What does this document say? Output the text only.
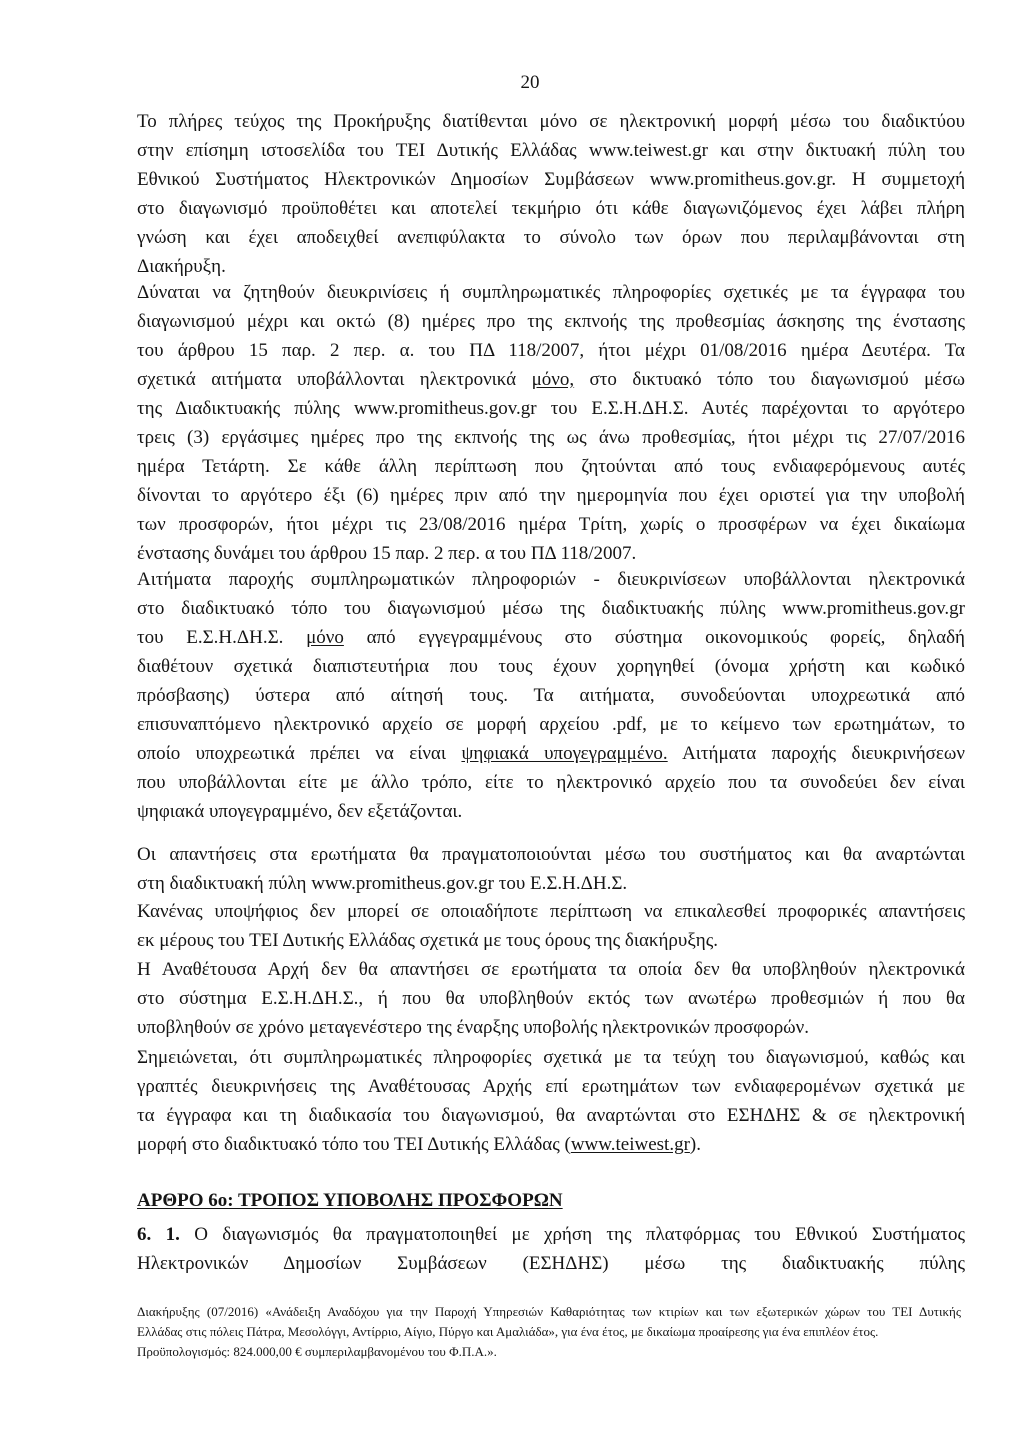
20
Το πλήρες τεύχος της Προκήρυξης διατίθενται μόνο σε ηλεκτρονική μορφή μέσω του διαδικτύου
στην επίσημη ιστοσελίδα του ΤΕΙ Δυτικής Ελλάδας www.teiwest.gr και στην δικτυακή πύλη του
Εθνικού Συστήματος Ηλεκτρονικών Δημοσίων Συμβάσεων www.promitheus.gov.gr. Η συμμετοχή
στο διαγωνισμό προϋποθέτει και αποτελεί τεκμήριο ότι κάθε διαγωνιζόμενος έχει λάβει πλήρη
γνώση και έχει αποδειχθεί ανεπιφύλακτα το σύνολο των όρων που περιλαμβάνονται στη
Διακήρυξη.
Δύναται να ζητηθούν διευκρινίσεις ή συμπληρωματικές πληροφορίες σχετικές με τα έγγραφα του
διαγωνισμού μέχρι και οκτώ (8) ημέρες προ της εκπνοής της προθεσμίας άσκησης της ένστασης
του άρθρου 15 παρ. 2 περ. α. του ΠΔ 118/2007, ήτοι μέχρι 01/08/2016 ημέρα Δευτέρα. Τα
σχετικά αιτήματα υποβάλλονται ηλεκτρονικά μόνο, στο δικτυακό τόπο του διαγωνισμού μέσω
της Διαδικτυακής πύλης www.promitheus.gov.gr του Ε.Σ.Η.ΔΗ.Σ. Αυτές παρέχονται το αργότερο
τρεις (3) εργάσιμες ημέρες προ της εκπνοής της ως άνω προθεσμίας, ήτοι μέχρι τις 27/07/2016
ημέρα Τετάρτη. Σε κάθε άλλη περίπτωση που ζητούνται από τους ενδιαφερόμενους αυτές
δίνονται το αργότερο έξι (6) ημέρες πριν από την ημερομηνία που έχει οριστεί για την υποβολή
των προσφορών, ήτοι μέχρι τις 23/08/2016 ημέρα Τρίτη, χωρίς ο προσφέρων να έχει δικαίωμα
ένστασης δυνάμει του άρθρου 15 παρ. 2 περ. α του ΠΔ 118/2007.
Αιτήματα παροχής συμπληρωματικών πληροφοριών - διευκρινίσεων υποβάλλονται ηλεκτρονικά
στο διαδικτυακό τόπο του διαγωνισμού μέσω της διαδικτυακής πύλης www.promitheus.gov.gr
του Ε.Σ.Η.ΔΗ.Σ. μόνο από εγγεγραμμένους στο σύστημα οικονομικούς φορείς, δηλαδή
διαθέτουν σχετικά διαπιστευτήρια που τους έχουν χορηγηθεί (όνομα χρήστη και κωδικό
πρόσβασης) ύστερα από αίτησή τους. Τα αιτήματα, συνοδεύονται υποχρεωτικά από
επισυναπτόμενο ηλεκτρονικό αρχείο σε μορφή αρχείου .pdf, με το κείμενο των ερωτημάτων, το
οποίο υποχρεωτικά πρέπει να είναι ψηφιακά υπογεγραμμένο. Αιτήματα παροχής διευκρινήσεων
που υποβάλλονται είτε με άλλο τρόπο, είτε το ηλεκτρονικό αρχείο που τα συνοδεύει δεν είναι
ψηφιακά υπογεγραμμένο, δεν εξετάζονται.
Οι απαντήσεις στα ερωτήματα θα πραγματοποιούνται μέσω του συστήματος και θα αναρτώνται
στη διαδικτυακή πύλη www.promitheus.gov.gr του Ε.Σ.Η.ΔΗ.Σ.
Κανένας υποψήφιος δεν μπορεί σε οποιαδήποτε περίπτωση να επικαλεσθεί προφορικές απαντήσεις
εκ μέρους του ΤΕΙ Δυτικής Ελλάδας σχετικά με τους όρους της διακήρυξης.
Η Αναθέτουσα Αρχή δεν θα απαντήσει σε ερωτήματα τα οποία δεν θα υποβληθούν ηλεκτρονικά
στο σύστημα Ε.Σ.Η.ΔΗ.Σ., ή που θα υποβληθούν εκτός των ανωτέρω προθεσμιών ή που θα
υποβληθούν σε χρόνο μεταγενέστερο της έναρξης υποβολής ηλεκτρονικών προσφορών.
Σημειώνεται, ότι συμπληρωματικές πληροφορίες σχετικά με τα τεύχη του διαγωνισμού, καθώς και
γραπτές διευκρινήσεις της Αναθέτουσας Αρχής επί ερωτημάτων των ενδιαφερομένων σχετικά με
τα έγγραφα και τη διαδικασία του διαγωνισμού, θα αναρτώνται στο ΕΣΗΔΗΣ & σε ηλεκτρονική
μορφή στο διαδικτυακό τόπο του ΤΕΙ Δυτικής Ελλάδας (www.teiwest.gr).
ΑΡΘΡΟ 6ο: ΤΡΟΠΟΣ ΥΠΟΒΟΛΗΣ ΠΡΟΣΦΟΡΩΝ
6. 1. Ο διαγωνισμός θα πραγματοποιηθεί με χρήση της πλατφόρμας του Εθνικού Συστήματος
Ηλεκτρονικών Δημοσίων Συμβάσεων (ΕΣΗΔΗΣ) μέσω της διαδικτυακής πύλης
Διακήρυξης (07/2016) «Ανάδειξη Αναδόχου για την Παροχή Υπηρεσιών Καθαριότητας των κτιρίων και των εξωτερικών χώρων του ΤΕΙ Δυτικής
Ελλάδας στις πόλεις Πάτρα, Μεσολόγγι, Αντίρριο, Αίγιο, Πύργο και Αμαλιάδα», για ένα έτος, με δικαίωμα προαίρεσης για ένα επιπλέον έτος.
Προϋπολογισμός: 824.000,00 € συμπεριλαμβανομένου του Φ.Π.Α.».
